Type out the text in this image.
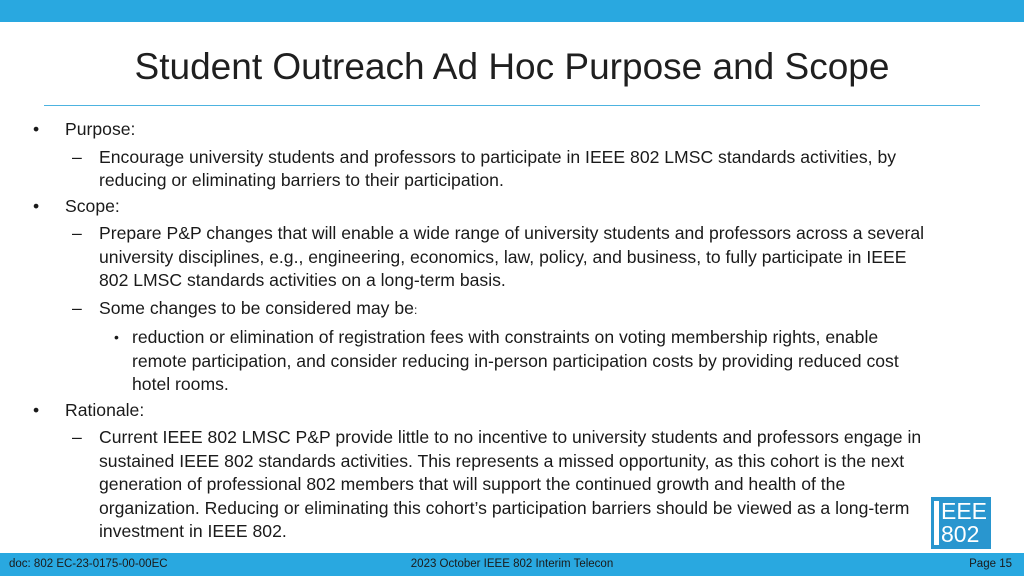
Student Outreach Ad Hoc Purpose and Scope
• Purpose:
– Encourage university students and professors to participate in IEEE 802 LMSC standards activities, by reducing or eliminating barriers to their participation.
• Scope:
– Prepare P&P changes that will enable a wide range of university students and professors across a several university disciplines, e.g., engineering, economics, law, policy, and business, to fully participate in IEEE 802 LMSC standards activities on a long-term basis.
– Some changes to be considered may be:
• reduction or elimination of registration fees with constraints on voting membership rights, enable remote participation, and consider reducing in-person participation costs by providing reduced cost hotel rooms.
• Rationale:
– Current IEEE 802 LMSC P&P provide little to no incentive to university students and professors engage in sustained IEEE 802 standards activities. This represents a missed opportunity, as this cohort is the next generation of professional 802 members that will support the continued growth and health of the organization. Reducing or eliminating this cohort’s participation barriers should be viewed as a long-term investment in IEEE 802.
EEE
802
doc: 802 EC-23-0175-00-00EC	2023 October IEEE 802 Interim Telecon	Page 15
